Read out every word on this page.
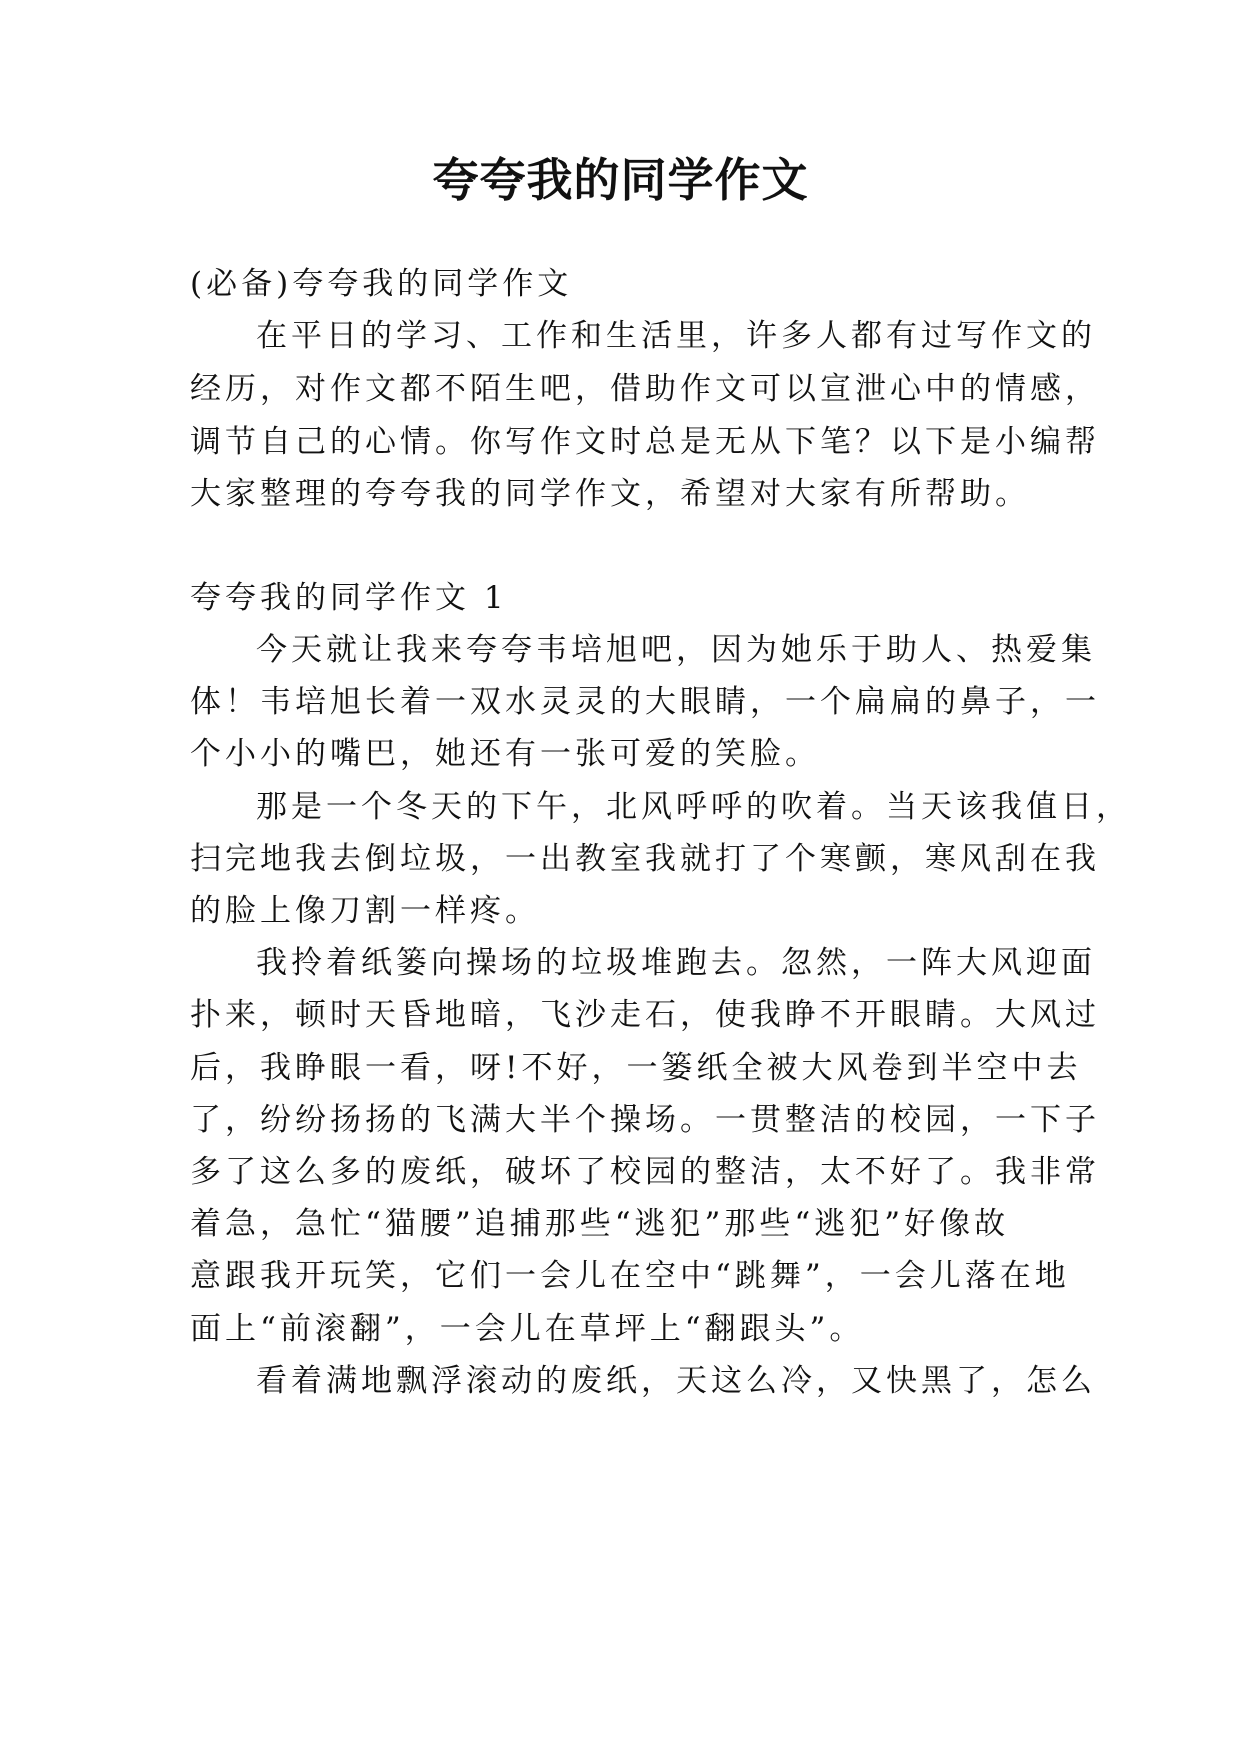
夸夸我的同学作文
(必备)夸夸我的同学作文
在平日的学习、工作和生活里，许多人都有过写作文的
经历，对作文都不陌生吧，借助作文可以宣泄心中的情感，
调节自己的心情。你写作文时总是无从下笔？以下是小编帮
大家整理的夸夸我的同学作文，希望对大家有所帮助。
夸夸我的同学作文 1
今天就让我来夸夸韦培旭吧，因为她乐于助人、热爱集
体！韦培旭长着一双水灵灵的大眼睛，一个扁扁的鼻子，一
个小小的嘴巴，她还有一张可爱的笑脸。
那是一个冬天的下午，北风呼呼的吹着。当天该我值日，
扫完地我去倒垃圾，一出教室我就打了个寒颤，寒风刮在我
的脸上像刀割一样疼。
我拎着纸篓向操场的垃圾堆跑去。忽然，一阵大风迎面
扑来，顿时天昏地暗，飞沙走石，使我睁不开眼睛。大风过
后，我睁眼一看，呀!不好，一篓纸全被大风卷到半空中去
了，纷纷扬扬的飞满大半个操场。一贯整洁的校园，一下子
多了这么多的废纸，破坏了校园的整洁，太不好了。我非常
着急，急忙“猫腰”追捕那些“逃犯”那些“逃犯”好像故
意跟我开玩笑，它们一会儿在空中“跳舞”，一会儿落在地
面上“前滚翻”，一会儿在草坪上“翻跟头”。
看着满地飘浮滚动的废纸，天这么冷，又快黑了，怎么
